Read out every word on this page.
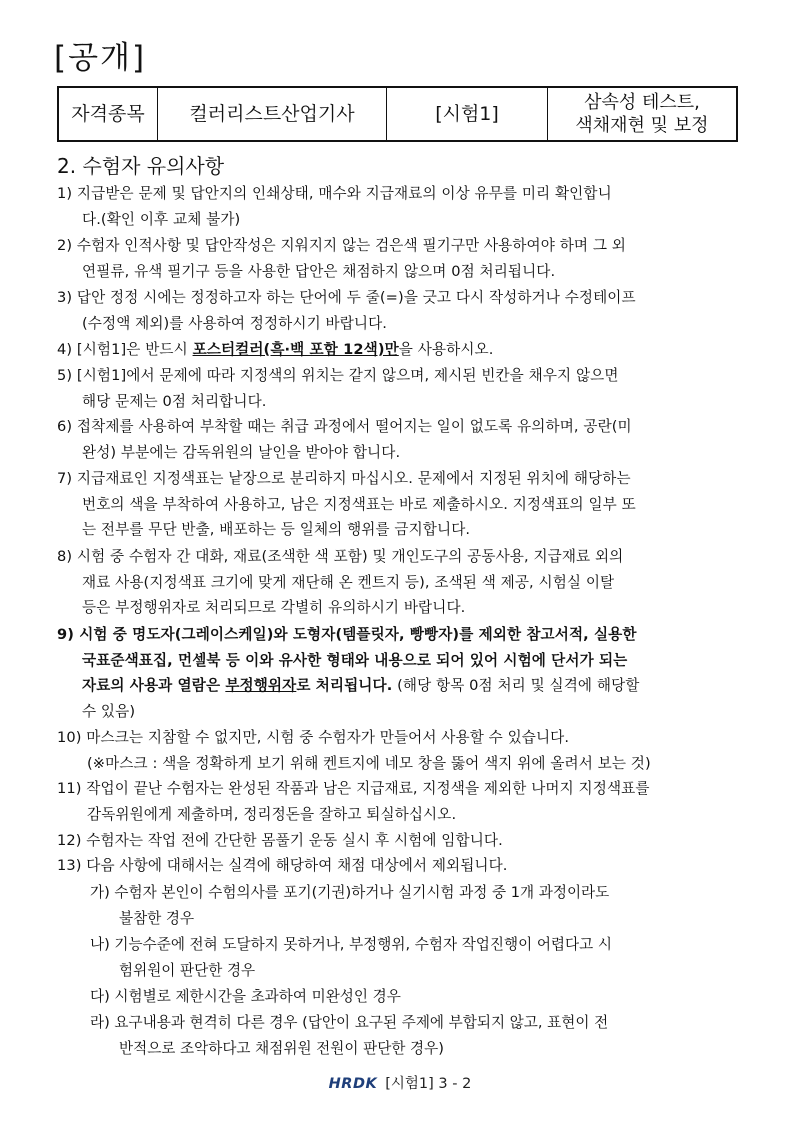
[공개]
자격종목	컬러리스트산업기사	[시험1]	삼속성 테스트,
색채재현 및 보정
2. 수험자 유의사항
1) 지급받은 문제 및 답안지의 인쇄상태, 매수와 지급재료의 이상 유무를 미리 확인합니
다.(확인 이후 교체 불가)
2) 수험자 인적사항 및 답안작성은 지워지지 않는 검은색 필기구만 사용하여야 하며 그 외
연필류, 유색 필기구 등을 사용한 답안은 채점하지 않으며 0점 처리됩니다.
3) 답안 정정 시에는 정정하고자 하는 단어에 두 줄(=)을 긋고 다시 작성하거나 수정테이프
(수정액 제외)를 사용하여 정정하시기 바랍니다.
4) [시험1]은 반드시 포스터컬러(흑·백 포함 12색)만을 사용하시오.
5) [시험1]에서 문제에 따라 지정색의 위치는 같지 않으며, 제시된 빈칸을 채우지 않으면
해당 문제는 0점 처리합니다.
6) 접착제를 사용하여 부착할 때는 취급 과정에서 떨어지는 일이 없도록 유의하며, 공란(미
완성) 부분에는 감독위원의 날인을 받아야 합니다.
7) 지급재료인 지정색표는 낱장으로 분리하지 마십시오. 문제에서 지정된 위치에 해당하는
번호의 색을 부착하여 사용하고, 남은 지정색표는 바로 제출하시오. 지정색표의 일부 또
는 전부를 무단 반출, 배포하는 등 일체의 행위를 금지합니다.
8) 시험 중 수험자 간 대화, 재료(조색한 색 포함) 및 개인도구의 공동사용, 지급재료 외의
재료 사용(지정색표 크기에 맞게 재단해 온 켄트지 등), 조색된 색 제공, 시험실 이탈
등은 부정행위자로 처리되므로 각별히 유의하시기 바랍니다.
9) 시험 중 명도자(그레이스케일)와 도형자(템플릿자, 빵빵자)를 제외한 참고서적, 실용한
국표준색표집, 먼셀북 등 이와 유사한 형태와 내용으로 되어 있어 시험에 단서가 되는
자료의 사용과 열람은 부정행위자로 처리됩니다. (해당 항목 0점 처리 및 실격에 해당할
수 있음)
10) 마스크는 지참할 수 없지만, 시험 중 수험자가 만들어서 사용할 수 있습니다.
(※마스크 : 색을 정확하게 보기 위해 켄트지에 네모 창을 뚫어 색지 위에 올려서 보는 것)
11) 작업이 끝난 수험자는 완성된 작품과 남은 지급재료, 지정색을 제외한 나머지 지정색표를
감독위원에게 제출하며, 정리정돈을 잘하고 퇴실하십시오.
12) 수험자는 작업 전에 간단한 몸풀기 운동 실시 후 시험에 임합니다.
13) 다음 사항에 대해서는 실격에 해당하여 채점 대상에서 제외됩니다.
가) 수험자 본인이 수험의사를 포기(기권)하거나 실기시험 과정 중 1개 과정이라도
불참한 경우
나) 기능수준에 전혀 도달하지 못하거나, 부정행위, 수험자 작업진행이 어렵다고 시
험위원이 판단한 경우
다) 시험별로 제한시간을 초과하여 미완성인 경우
라) 요구내용과 현격히 다른 경우 (답안이 요구된 주제에 부합되지 않고, 표현이 전
반적으로 조악하다고 채점위원 전원이 판단한 경우)
HRDK [시험1] 3 - 2
